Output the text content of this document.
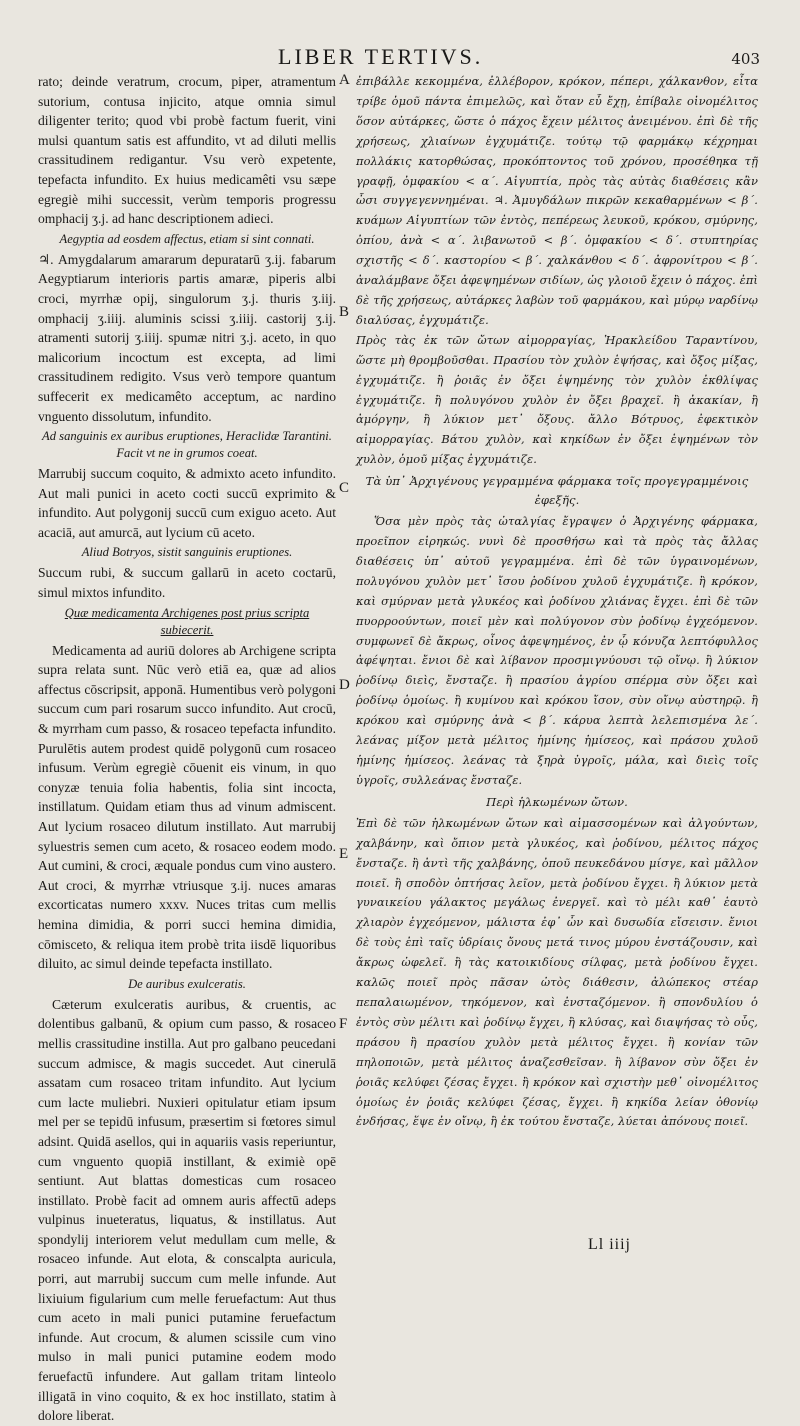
LIBER TERTIVS.	403

rato; deinde veratrum, crocum, piper, atramentum sutorium, contusa injicito, atque omnia simul diligenter terito; quod vbi probè factum fuerit, vini mulsi quantum satis est affundito, vt ad diluti mellis crassitudinem redigantur. Vsu verò expetente, tepefacta infundito. Ex huius medicamêti vsu sæpe egregiè mihi successit, verùm temporis progressu omphacij ʒ.j. ad hanc descriptionem adieci.

Aegyptia ad eosdem affectus, etiam si sint connati.

♃. Amygdalarum amararum depuratarū ʒ.ij. fabarum Aegyptiarum interioris partis amaræ, piperis albi croci, myrrhæ opij, singulorum ʒ.j. thuris ʒ.iij. omphacij ʒ.iiij. aluminis scissi ʒ.iiij. castorij ʒ.ij. atramenti sutorij ʒ.iiij. spumæ nitri ʒ.j. aceto, in quo malicorium incoctum est excepta, ad limi crassitudinem redigito. Vsus verò tempore quantum suffecerit ex medicamêto acceptum, ac nardino vnguento dissolutum, infundito.

Ad sanguinis ex auribus eruptiones, Heraclidæ Tarantini. Facit vt ne in grumos coeat.

Marrubij succum coquito, & admixto aceto infundito. Aut mali punici in aceto cocti succū exprimito & infundito. Aut polygonij succū cum exiguo aceto. Aut acaciā, aut amurcā, aut lycium cū aceto.

Aliud Botryos, sistit sanguinis eruptiones.

Succum rubi, & succum gallarū in aceto coctarū, simul mixtos infundito.

Quæ medicamenta Archigenes post prius scripta subiecerit.

Medicamenta ad auriū dolores ab Archigene scripta supra relata sunt. Nūc verò etiā ea, quæ ad alios affectus cōscripsit, apponā. Humentibus verò polygoni succum cum pari rosarum succo infundito. Aut crocū, & myrrham cum passo, & rosaceo tepefacta infundito. Purulētis autem prodest quidē polygonū cum rosaceo infusum. Verùm egregiè cōuenit eis vinum, in quo conyzæ tenuia folia habentis, folia sint incocta, instillatum. Quidam etiam thus ad vinum admiscent. Aut lycium rosaceo dilutum instillato. Aut marrubij syluestris semen cum aceto, & rosaceo eodem modo. Aut cumini, & croci, æquale pondus cum vino austero. Aut croci, & myrrhæ vtriusque ʒ.ij. nuces amaras excorticatas numero xxxv. Nuces tritas cum mellis hemina dimidia, & porri succi hemina dimidia, cōmisceto, & reliqua item probè trita iisdē liquoribus diluito, ac simul deinde tepefacta instillato.

De auribus exulceratis.

Cæterum exulceratis auribus, & cruentis, ac dolentibus galbanū, & opium cum passo, & rosaceo mellis crassitudine instilla. Aut pro galbano peucedani succum admisce, & magis succedet. Aut cinerulā assatam cum rosaceo tritam infundito. Aut lycium cum lacte muliebri. Nuxieri opitulatur etiam ipsum mel per se tepidū infusum, præsertim si fœtores simul adsint. Quidā asellos, qui in aquariis vasis reperiuntur, cum vnguento quopiā instillant, & eximiè opē sentiunt. Aut blattas domesticas cum rosaceo instillato. Probè facit ad omnem auris affectū adeps vulpinus inueteratus, liquatus, & instillatus. Aut spondylij interiorem velut medullam cum melle, & rosaceo infunde. Aut elota, & conscalpta auricula, porri, aut marrubij succum cum melle infunde. Aut lixiuium figularium cum melle feruefactum: Aut thus cum aceto in mali punici putamine feruefactum infunde. Aut crocum, & alumen scissile cum vino mulso in mali punici putamine eodem modo feruefactū infundere. Aut gallam tritam linteolo illigatā in vino coquito, & ex hoc instillato, statim à dolore liberat.

A
B
C
D
E
F

ἐπιβάλλε κεκομμένα, ἐλλέβορον, κρόκον, πέπερι, χάλκανθον, εἶτα τρίβε ὁμοῦ πάντα ἐπιμελῶς, καὶ ὅταν εὖ ἔχῃ, ἐπίβαλε οἰνομέλιτος ὅσον αὐτάρκες, ὥστε ὁ πάχος ἔχειν μέλιτος ἀνειμένου. ἐπὶ δὲ τῆς χρήσεως, χλιαίνων ἐγχυμάτιζε. τούτῳ τῷ φαρμάκῳ κέχρημαι πολλάκις κατορθώσας, προκόπτοντος τοῦ χρόνου, προσέθηκα τῇ γραφῇ, ὀμφακίου < α΄. Αἰγυπτία, πρὸς τὰς αὐτὰς διαθέσεις κἂν ὦσι συγγεγεννημέναι. ♃. Ἀμυγδάλων πικρῶν κεκαθαρμένων < β΄. κυάμων Αἰγυπτίων τῶν ἐντὸς, πεπέρεως λευκοῦ, κρόκου, σμύρνης, ὀπίου, ἀνὰ < α΄. λιβανωτοῦ < β΄. ὀμφακίου < δ΄. στυπτηρίας σχιστῆς < δ΄. καστορίου < β΄. χαλκάνθου < δ΄. ἀφρονίτρου < β΄. ἀναλάμβανε ὄξει ἀφεψημένων σιδίων, ὡς γλοιοῦ ἔχειν ὁ πάχος. ἐπὶ δὲ τῆς χρήσεως, αὐτάρκες λαβὼν τοῦ φαρμάκου, καὶ μύρῳ ναρδίνῳ διαλύσας, ἐγχυμάτιζε.

Πρὸς τὰς ἐκ τῶν ὤτων αἱμορραγίας, Ἡρακλείδου Ταραντίνου, ὥστε μὴ θρομβοῦσθαι. Πρασίου τὸν χυλὸν ἑψήσας, καὶ ὄξος μίξας, ἐγχυμάτιζε. ἢ ῥοιᾶς ἐν ὄξει ἑψημένης τὸν χυλὸν ἐκθλίψας ἐγχυμάτιζε. ἢ πολυγόνου χυλὸν ἐν ὄξει βραχεῖ. ἢ ἀκακίαν, ἢ ἀμόργην, ἢ λύκιον μετ᾽ ὄξους. ἄλλο Βότρυος, ἐφεκτικὸν αἱμορραγίας. Βάτου χυλὸν, καὶ κηκίδων ἐν ὄξει ἑψημένων τὸν χυλὸν, ὁμοῦ μίξας ἐγχυμάτιζε.

Τὰ ὑπ᾽ Ἀρχιγένους γεγραμμένα φάρμακα τοῖς προγεγραμμένοις ἐφεξῆς.

Ὅσα μὲν πρὸς τὰς ὠταλγίας ἔγραψεν ὁ Ἀρχιγένης φάρμακα, προεῖπον εἰρηκώς. νυνὶ δὲ προσθήσω καὶ τὰ πρὸς τὰς ἄλλας διαθέσεις ὑπ᾽ αὐτοῦ γεγραμμένα. ἐπὶ δὲ τῶν ὑγραινομένων, πολυγόνου χυλὸν μετ᾽ ἴσου ῥοδίνου χυλοῦ ἐγχυμάτιζε. ἢ κρόκον, καὶ σμύρναν μετὰ γλυκέος καὶ ῥοδίνου χλιάνας ἔγχει. ἐπὶ δὲ τῶν πυορροούντων, ποιεῖ μὲν καὶ πολύγονον σὺν ῥοδίνῳ ἐγχεόμενον. συμφωνεῖ δὲ ἄκρως, οἶνος ἀφεψημένος, ἐν ᾧ κόνυζα λεπτόφυλλος ἀφέψηται. ἔνιοι δὲ καὶ λίβανον προσμιγνύουσι τῷ οἴνῳ. ἢ λύκιον ῥοδίνῳ διεὶς, ἔνσταζε. ἢ πρασίου ἀγρίου σπέρμα σὺν ὄξει καὶ ῥοδίνῳ ὁμοίως. ἢ κυμίνου καὶ κρόκου ἴσον, σὺν οἴνῳ αὐστηρῷ. ἢ κρόκου καὶ σμύρνης ἀνὰ < β΄. κάρυα λεπτὰ λελεπισμένα λε΄. λεάνας μίξον μετὰ μέλιτος ἡμίνης ἡμίσεος, καὶ πράσου χυλοῦ ἡμίνης ἡμίσεος. λεάνας τὰ ξηρὰ ὑγροῖς, μάλα, καὶ διεὶς τοῖς ὑγροῖς, συλλεάνας ἔνσταζε.

Περὶ ἡλκωμένων ὤτων.

Ἐπὶ δὲ τῶν ἡλκωμένων ὤτων καὶ αἱμασσομένων καὶ ἀλγούντων, χαλβάνην, καὶ ὄπιον μετὰ γλυκέος, καὶ ῥοδίνου, μέλιτος πάχος ἔνσταζε. ἢ ἀντὶ τῆς χαλβάνης, ὀποῦ πευκεδάνου μίσγε, καὶ μᾶλλον ποιεῖ. ἢ σποδὸν ὀπτήσας λεῖον, μετὰ ῥοδίνου ἔγχει. ἢ λύκιον μετὰ γυναικείου γάλακτος μεγάλως ἐνεργεῖ. καὶ τὸ μέλι καθ᾽ ἑαυτὸ χλιαρὸν ἐγχεόμενον, μάλιστα ἐφ᾽ ὧν καὶ δυσωδία εἴσεισιν. ἔνιοι δὲ τοὺς ἐπὶ ταῖς ὑδρίαις ὄνους μετά τινος μύρου ἐνστάζουσιν, καὶ ἄκρως ὠφελεῖ. ἢ τὰς κατοικιδίους σίλφας, μετὰ ῥοδίνου ἔγχει. καλῶς ποιεῖ πρὸς πᾶσαν ὠτὸς διάθεσιν, ἀλώπεκος στέαρ πεπαλαιωμένον, τηκόμενον, καὶ ἐνσταζόμενον. ἢ σπονδυλίου ὁ ἐντὸς σὺν μέλιτι καὶ ῥοδίνῳ ἔγχει, ἢ κλύσας, καὶ διαψήσας τὸ οὖς, πράσου ἢ πρασίου χυλὸν μετὰ μέλιτος ἔγχει. ἢ κονίαν τῶν πηλοποιῶν, μετὰ μέλιτος ἀναζεσθεῖσαν. ἢ λίβανον σὺν ὄξει ἐν ῥοιᾶς κελύφει ζέσας ἔγχει. ἢ κρόκον καὶ σχιστὴν μεθ᾽ οἰνομέλιτος ὁμοίως ἐν ῥοιᾶς κελύφει ζέσας, ἔγχει. ἢ κηκίδα λείαν ὀθονίῳ ἐνδήσας, ἕψε ἐν οἴνῳ, ἢ ἐκ τούτου ἔνσταζε, λύεται ἀπόνους ποιεῖ.

Ll iiij
